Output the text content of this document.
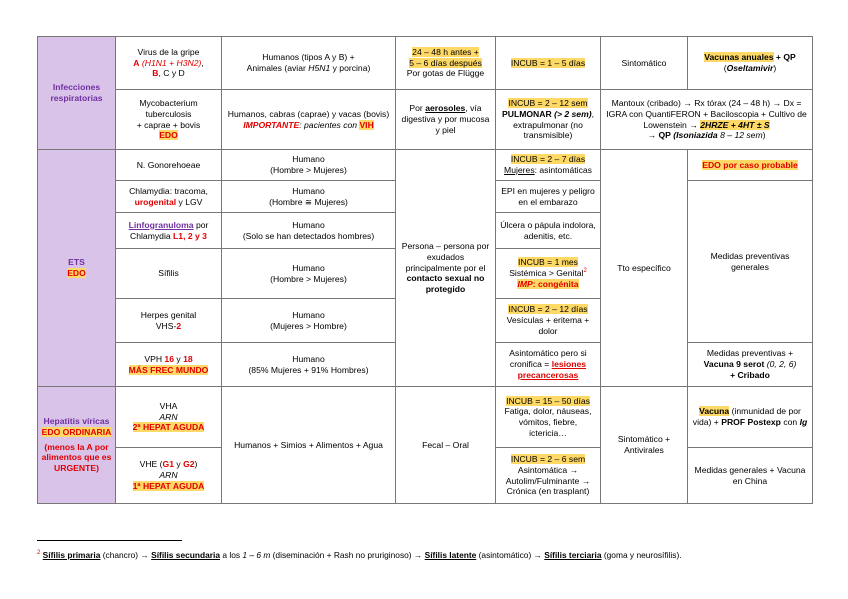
Infecciones respiratorias	Virus de la gripe
A (H1N1 + H3N2),
B, C y D	Humanos (tipos A y B) +
Animales (aviar H5N1 y porcina)	24 – 48 h antes +
5 – 6 días después
Por gotas de Flügge	INCUB = 1 – 5 días	Sintomático	Vacunas anuales + QP
(Oseltamivir)
	Mycobacterium tuberculosis
+ caprae + bovis
EDO	Humanos, cabras (caprae) y vacas (bovis)
IMPORTANTE: pacientes con VIH	Por aerosoles, vía digestiva y por mucosa y piel	INCUB = 2 – 12 sem
PULMONAR (> 2 sem), extrapulmonar (no transmisible)	Mantoux (cribado) → Rx tórax (24 – 48 h) → Dx = IGRA con QuantiFERON + Baciloscopia + Cultivo de Lowenstein → 2HRZE + 4HT ± S
→ QP (Isoniazida 8 – 12 sem)	
ETS
EDO	N. Gonorehoeae	Humano
(Hombre > Mujeres)	Persona – persona por exudados principalmente por el contacto sexual no protegido	INCUB = 2 – 7 días
Mujeres: asintomáticas	Tto específico	EDO por caso probable
	Chlamydia: tracoma,
urogenital y LGV	Humano
(Hombre ≅ Mujeres)		EPI en mujeres y peligro en el embarazo		Medidas preventivas generales
	Linfogranuloma por Chlamydia L1, 2 y 3	Humano
(Solo se han detectados hombres)		Úlcera o pápula indolora, adenitis, etc.		
	Sífilis	Humano
(Hombre > Mujeres)		INCUB = 1 mes
Sistémica > Genital$^2$
IMP: congénita		
	Herpes genital
VHS-2	Humano
(Mujeres > Hombre)		INCUB = 2 – 12 días
Vesículas + eritema + dolor		
	VPH 16 y 18
MÁS FREC MUNDO	Humano
(85% Mujeres + 91% Hombres)		Asintomático pero si cronifica = lesiones precancerosas		Medidas preventivas +
Vacuna 9 serot (0, 2, 6)
+ Cribado
Hepatitis víricas
EDO ORDINARIA
(menos la A por alimentos que es URGENTE)	VHA
ARN
2ª HEPAT AGUDA	Humanos + Simios + Alimentos + Agua	Fecal – Oral	INCUB = 15 – 50 días
Fatiga, dolor, náuseas, vómitos, fiebre, ictericia…	Sintomático + Antivirales	Vacuna (inmunidad de por vida) + PROF Postexp con Ig
	VHE (G1 y G2)
ARN
1ª HEPAT AGUDA			INCUB = 2 – 6 sem
Asintomática →
Autolim/Fulminante →
Crónica (en trasplant)		Medidas generales + Vacuna en China
$^2$ Sífilis primaria (chancro) → Sífilis secundaria a los 1 – 6 m (diseminación + Rash no pruriginoso) → Sífilis latente (asintomático) → Sífilis terciaria (goma y neurosífilis).
